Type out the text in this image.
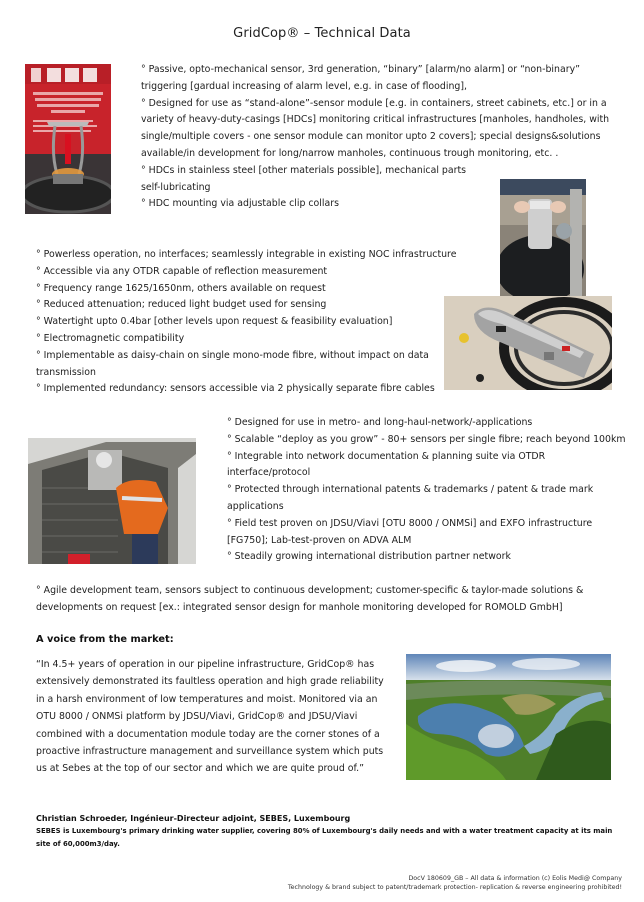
GridCop® – Technical Data

° Passive, opto-mechanical sensor, 3rd generation, “binary” [alarm/no alarm] or “non-binary” triggering [gardual increasing of alarm level, e.g. in case of flooding],

° Designed for use as “stand-alone”-sensor module [e.g. in containers, street cabinets, etc.] or in a variety of heavy-duty-casings [HDCs] monitoring critical infrastructures [manholes, handholes, with single/multiple covers - one sensor module can monitor upto 2 covers]; special designs&solutions available/in development for long/narrow manholes, continuous trough monitoring, etc. .

° HDCs in stainless steel [other materials possible], mechanical parts self-lubricating

° HDC mounting via adjustable clip collars

° Powerless operation, no interfaces; seamlessly integrable in existing NOC infrastructure

° Accessible via any OTDR capable of reflection measurement

° Frequency range 1625/1650nm, others available on request

° Reduced attenuation; reduced light budget used for sensing

° Watertight upto 0.4bar [other levels upon request & feasibility evaluation]

° Electromagnetic compatibility

° Implementable as daisy-chain on single mono-mode fibre, without impact on data transmission

° Implemented redundancy: sensors accessible via 2 physically separate fibre cables

° Designed for use in metro- and long-haul-network/-applications

° Scalable “deploy as you grow” - 80+ sensors per single fibre; reach beyond 100km

° Integrable into network documentation & planning suite via OTDR interface/protocol

° Protected through international patents & trademarks / patent & trade mark applications

° Field test proven on JDSU/Viavi [OTU 8000 / ONMSi] and EXFO infrastructure [FG750]; Lab-test-proven on ADVA ALM

° Steadily growing international distribution partner network

° Agile development team, sensors subject to continuous development; customer-specific & taylor-made solutions & developments on request [ex.: integrated sensor design for manhole monitoring developed for ROMOLD GmbH]

A voice from the market:
“In 4.5+ years of operation in our pipeline infrastructure, GridCop® has extensively demonstrated its faultless operation and high grade reliability in a harsh environment of low temperatures and moist. Monitored via an OTU 8000 / ONMSi platform by JDSU/Viavi, GridCop® and JDSU/Viavi combined with a documentation module today are the corner stones of a proactive infrastructure management and surveillance system which puts us at Sebes at the top of our sector and which we are quite proud of.”
Christian Schroeder, Ingénieur-Directeur adjoint, SEBES, Luxembourg
SEBES is Luxembourg's primary drinking water supplier, covering 80% of Luxembourg's daily needs and with a water treatment capacity at its main site of 60,000m3/day.
DocV 180609_GB – All data & information (c) Eolis Medi@ Company
Technology & brand subject to patent/trademark protection- replication & reverse engineering prohibited!
